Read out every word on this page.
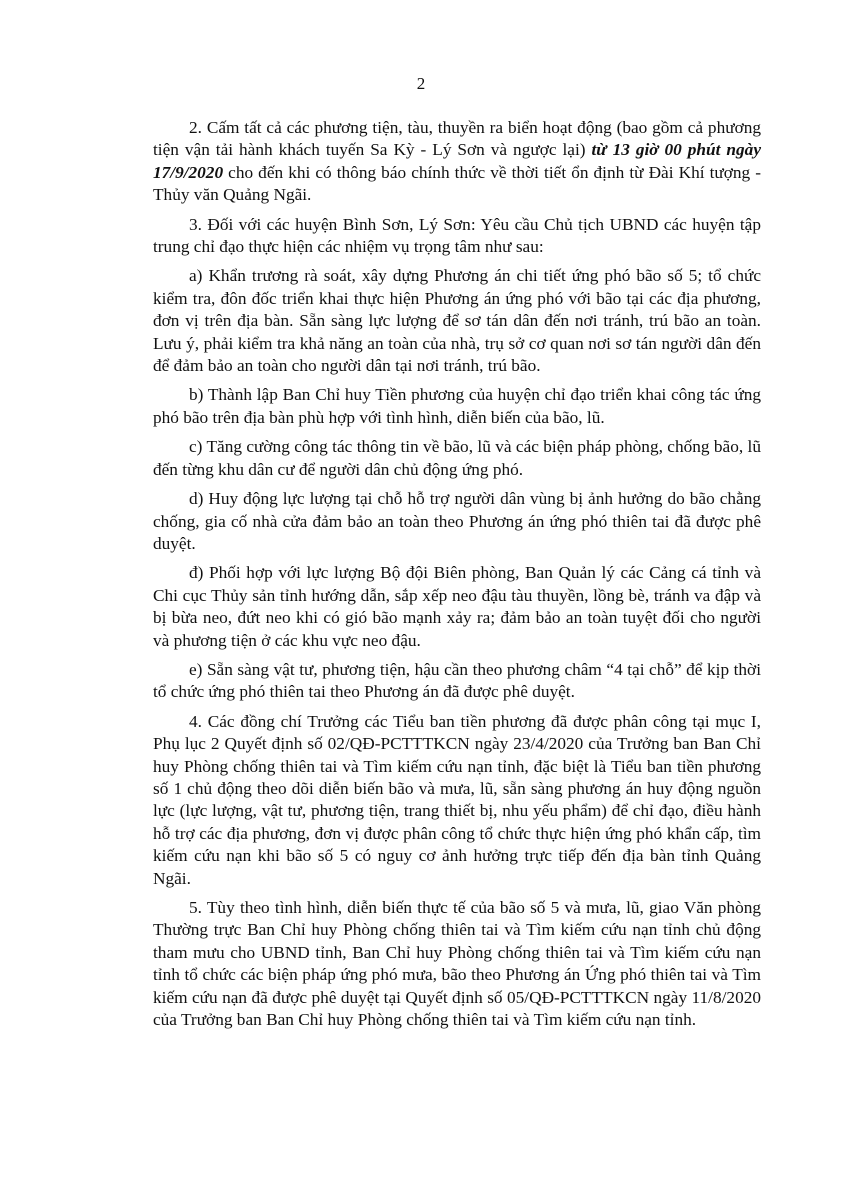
2

2. Cấm tất cả các phương tiện, tàu, thuyền ra biển hoạt động (bao gồm cả phương tiện vận tải hành khách tuyến Sa Kỳ - Lý Sơn và ngược lại) từ 13 giờ 00 phút ngày 17/9/2020 cho đến khi có thông báo chính thức về thời tiết ổn định từ Đài Khí tượng - Thủy văn Quảng Ngãi.

3. Đối với các huyện Bình Sơn, Lý Sơn: Yêu cầu Chủ tịch UBND các huyện tập trung chỉ đạo thực hiện các nhiệm vụ trọng tâm như sau:

a) Khẩn trương rà soát, xây dựng Phương án chi tiết ứng phó bão số 5; tổ chức kiểm tra, đôn đốc triển khai thực hiện Phương án ứng phó với bão tại các địa phương, đơn vị trên địa bàn. Sẵn sàng lực lượng để sơ tán dân đến nơi tránh, trú bão an toàn. Lưu ý, phải kiểm tra khả năng an toàn của nhà, trụ sở cơ quan nơi sơ tán người dân đến để đảm bảo an toàn cho người dân tại nơi tránh, trú bão.

b) Thành lập Ban Chỉ huy Tiền phương của huyện chỉ đạo triển khai công tác ứng phó bão trên địa bàn phù hợp với tình hình, diễn biến của bão, lũ.

c) Tăng cường công tác thông tin về bão, lũ và các biện pháp phòng, chống bão, lũ đến từng khu dân cư để người dân chủ động ứng phó.

d) Huy động lực lượng tại chỗ hỗ trợ người dân vùng bị ảnh hưởng do bão chằng chống, gia cố nhà cửa đảm bảo an toàn theo Phương án ứng phó thiên tai đã được phê duyệt.

đ) Phối hợp với lực lượng Bộ đội Biên phòng, Ban Quản lý các Cảng cá tỉnh và Chi cục Thủy sản tỉnh hướng dẫn, sắp xếp neo đậu tàu thuyền, lồng bè, tránh va đập và bị bừa neo, đứt neo khi có gió bão mạnh xảy ra; đảm bảo an toàn tuyệt đối cho người và phương tiện ở các khu vực neo đậu.

e) Sẵn sàng vật tư, phương tiện, hậu cần theo phương châm “4 tại chỗ” để kịp thời tổ chức ứng phó thiên tai theo Phương án đã được phê duyệt.

4. Các đồng chí Trưởng các Tiểu ban tiền phương đã được phân công tại mục I, Phụ lục 2 Quyết định số 02/QĐ-PCTTTKCN ngày 23/4/2020 của Trưởng ban Ban Chỉ huy Phòng chống thiên tai và Tìm kiếm cứu nạn tỉnh, đặc biệt là Tiểu ban tiền phương số 1 chủ động theo dõi diễn biến bão và mưa, lũ, sẵn sàng phương án huy động nguồn lực (lực lượng, vật tư, phương tiện, trang thiết bị, nhu yếu phẩm) để chỉ đạo, điều hành hỗ trợ các địa phương, đơn vị được phân công tổ chức thực hiện ứng phó khẩn cấp, tìm kiếm cứu nạn khi bão số 5 có nguy cơ ảnh hưởng trực tiếp đến địa bàn tỉnh Quảng Ngãi.

5. Tùy theo tình hình, diễn biến thực tế của bão số 5 và mưa, lũ, giao Văn phòng Thường trực Ban Chỉ huy Phòng chống thiên tai và Tìm kiếm cứu nạn tỉnh chủ động tham mưu cho UBND tỉnh, Ban Chỉ huy Phòng chống thiên tai và Tìm kiếm cứu nạn tỉnh tổ chức các biện pháp ứng phó mưa, bão theo Phương án Ứng phó thiên tai và Tìm kiếm cứu nạn đã được phê duyệt tại Quyết định số 05/QĐ-PCTTTKCN ngày 11/8/2020 của Trưởng ban Ban Chỉ huy Phòng chống thiên tai và Tìm kiếm cứu nạn tỉnh.
